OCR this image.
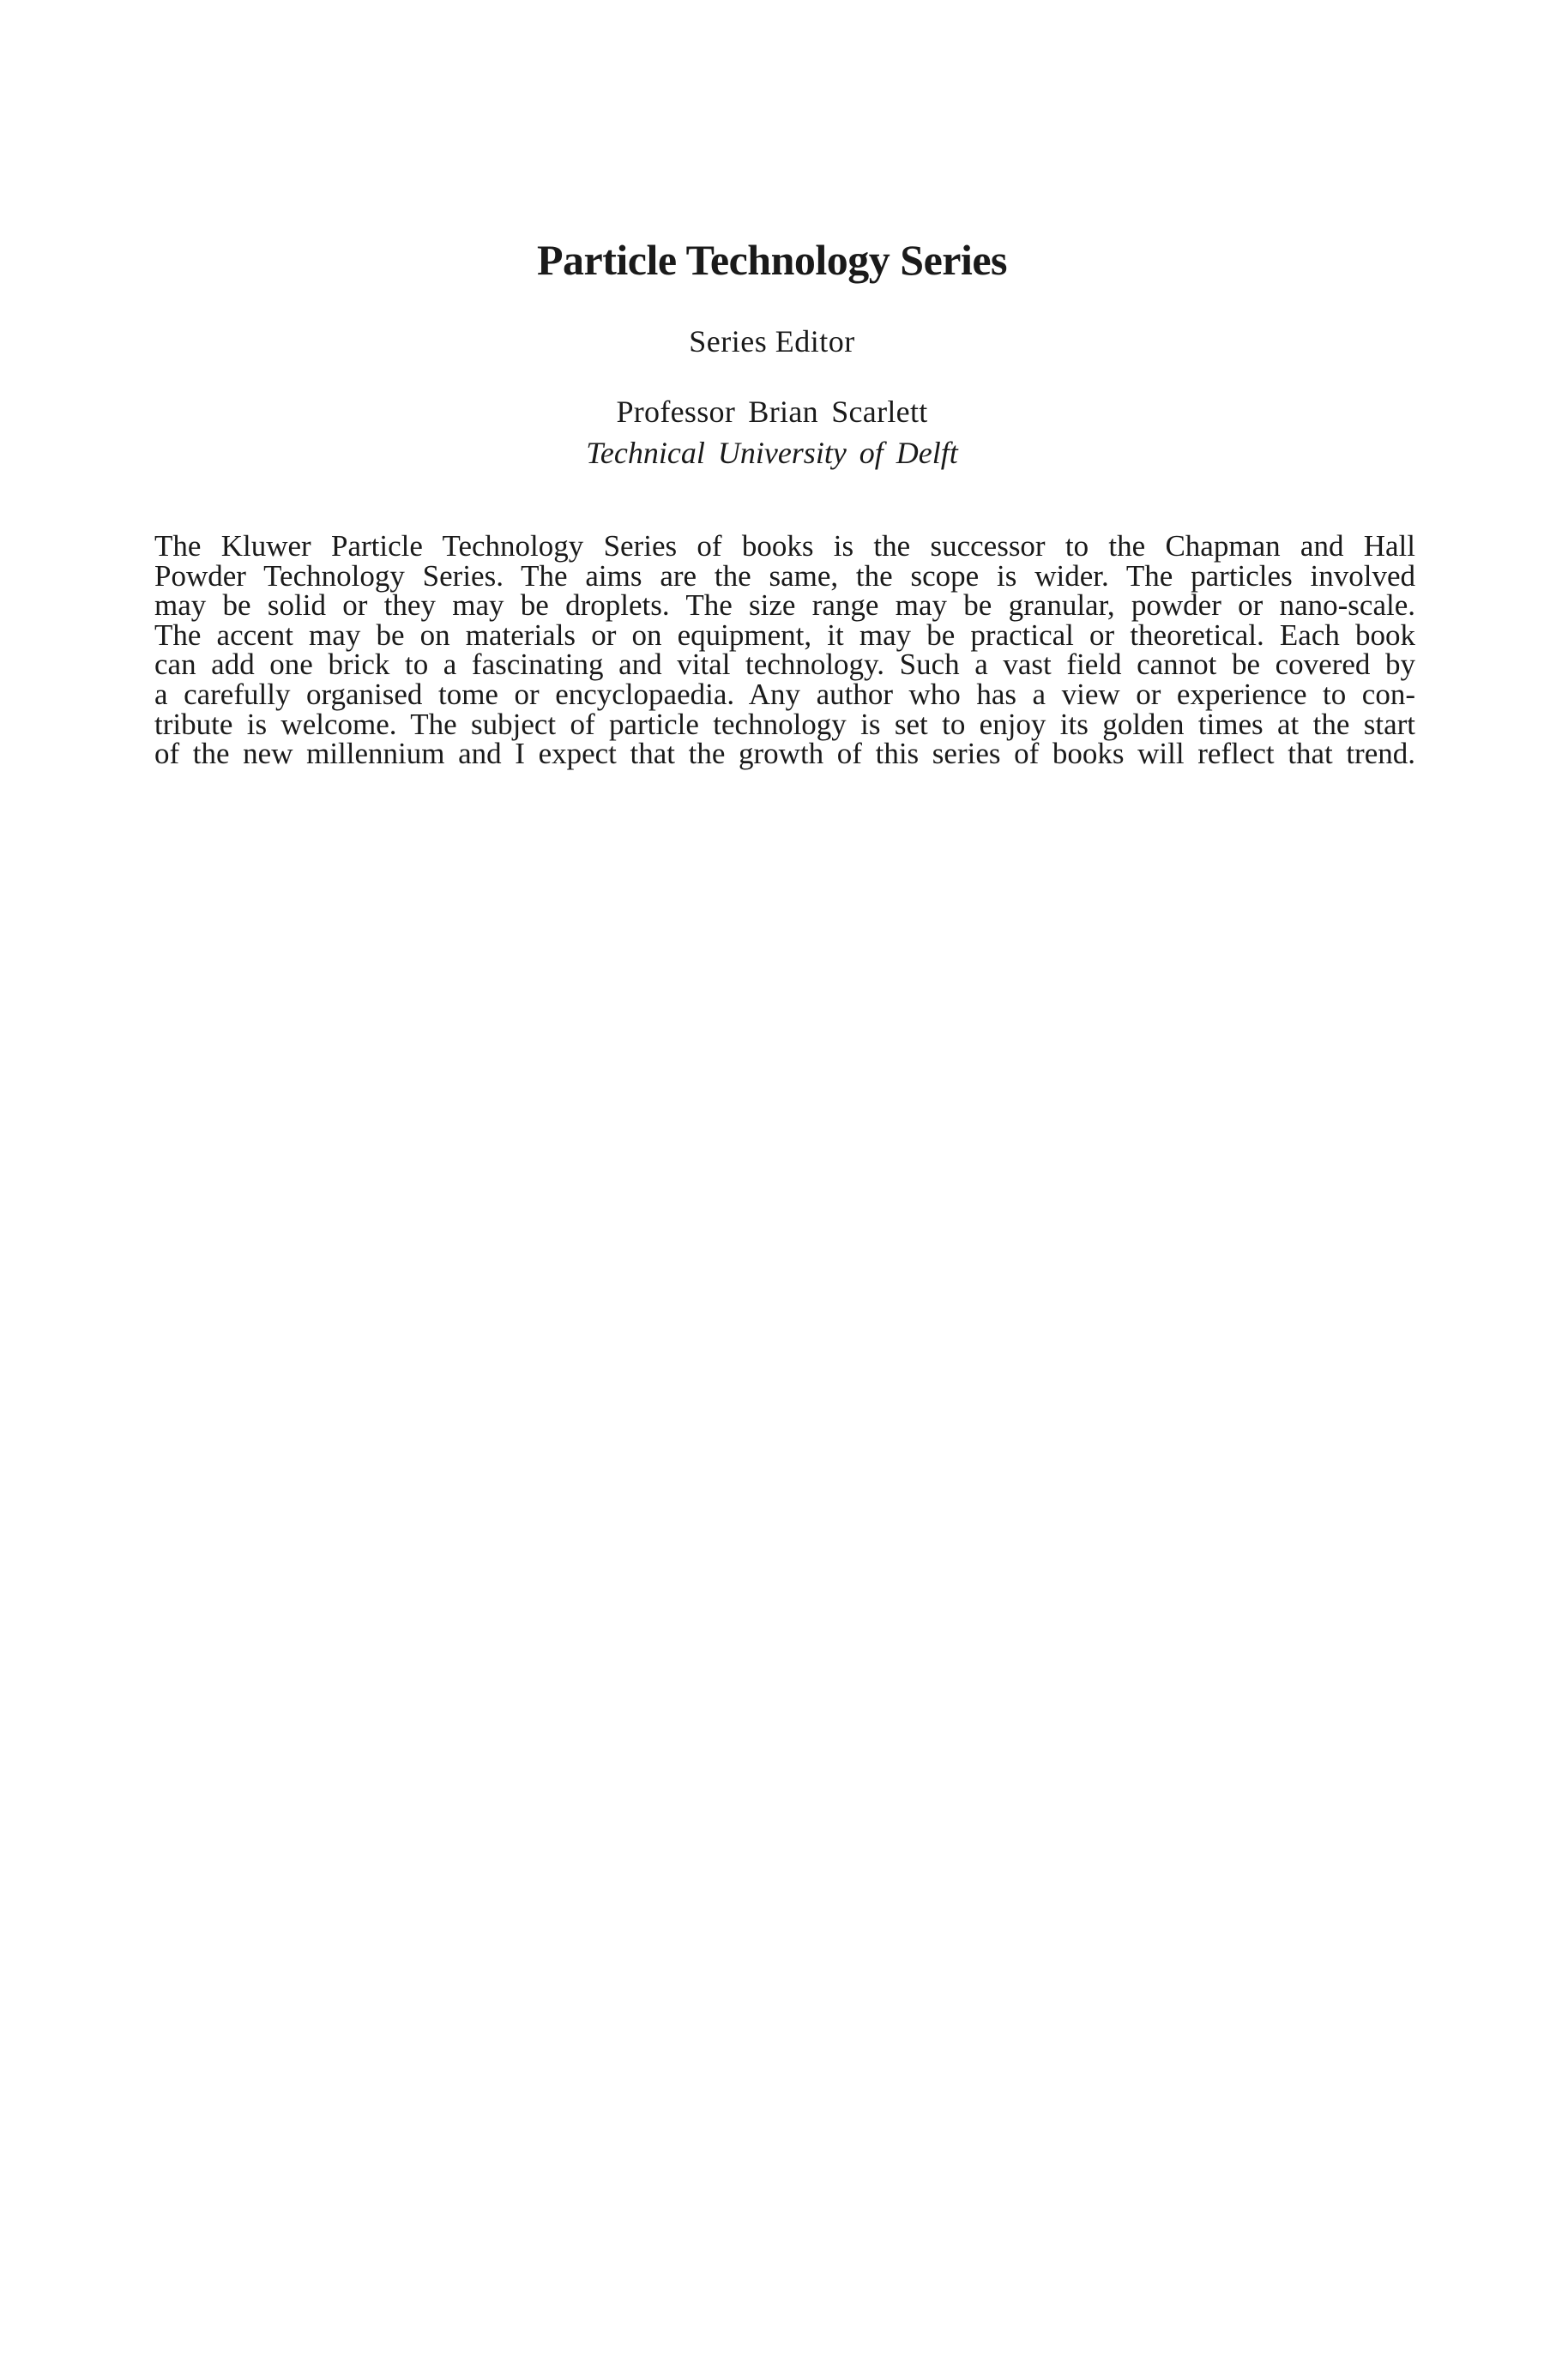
Particle Technology Series
Series Editor
Professor Brian Scarlett
Technical University of Delft

The Kluwer Particle Technology Series of books is the successor to the Chapman and Hall
Powder Technology Series. The aims are the same, the scope is wider. The particles involved
may be solid or they may be droplets. The size range may be granular, powder or nano-scale.
The accent may be on materials or on equipment, it may be practical or theoretical. Each book
can add one brick to a fascinating and vital technology. Such a vast field cannot be covered by
a carefully organised tome or encyclopaedia. Any author who has a view or experience to con-
tribute is welcome. The subject of particle technology is set to enjoy its golden times at the start
of the new millennium and I expect that the growth of this series of books will reflect that trend.
